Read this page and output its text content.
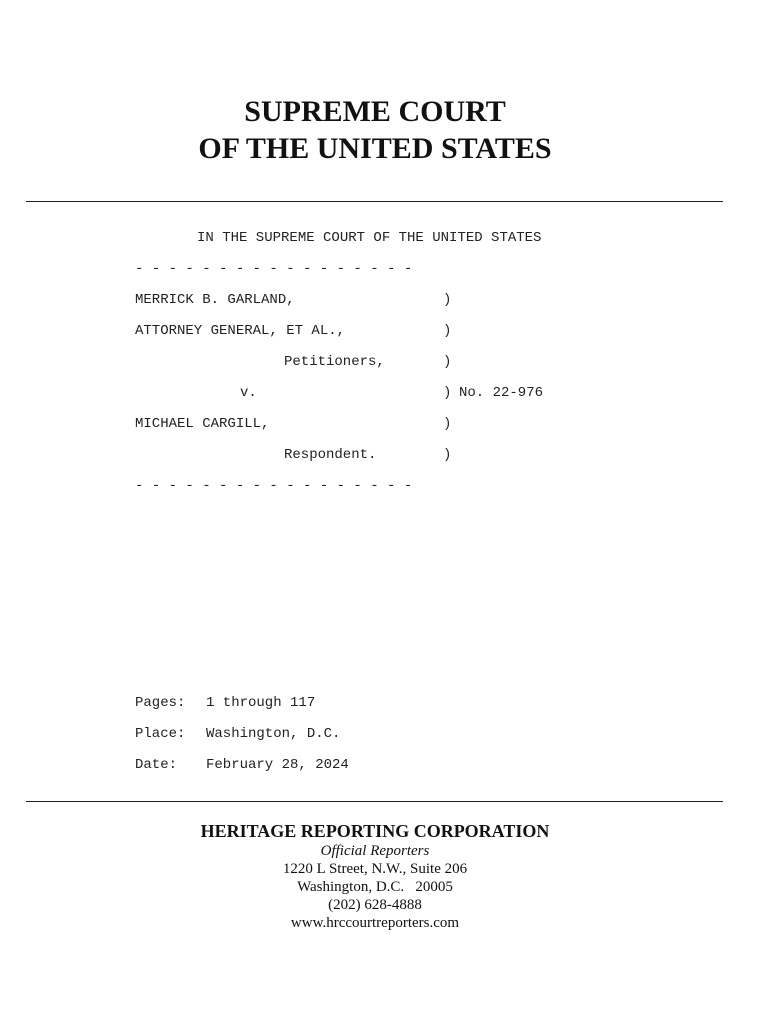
SUPREME COURT
OF THE UNITED STATES
IN THE SUPREME COURT OF THE UNITED STATES
- - - - - - - - - - - - - - - - -
MERRICK B. GARLAND,	)
ATTORNEY GENERAL, ET AL.,	)
Petitioners,	)
v.	) No. 22-976
MICHAEL CARGILL,	)
Respondent.	)
- - - - - - - - - - - - - - - - -
Pages: 1 through 117
Place: Washington, D.C.
Date: February 28, 2024
HERITAGE REPORTING CORPORATION
Official Reporters
1220 L Street, N.W., Suite 206
Washington, D.C.   20005
(202) 628-4888
www.hrccourtreporters.com
